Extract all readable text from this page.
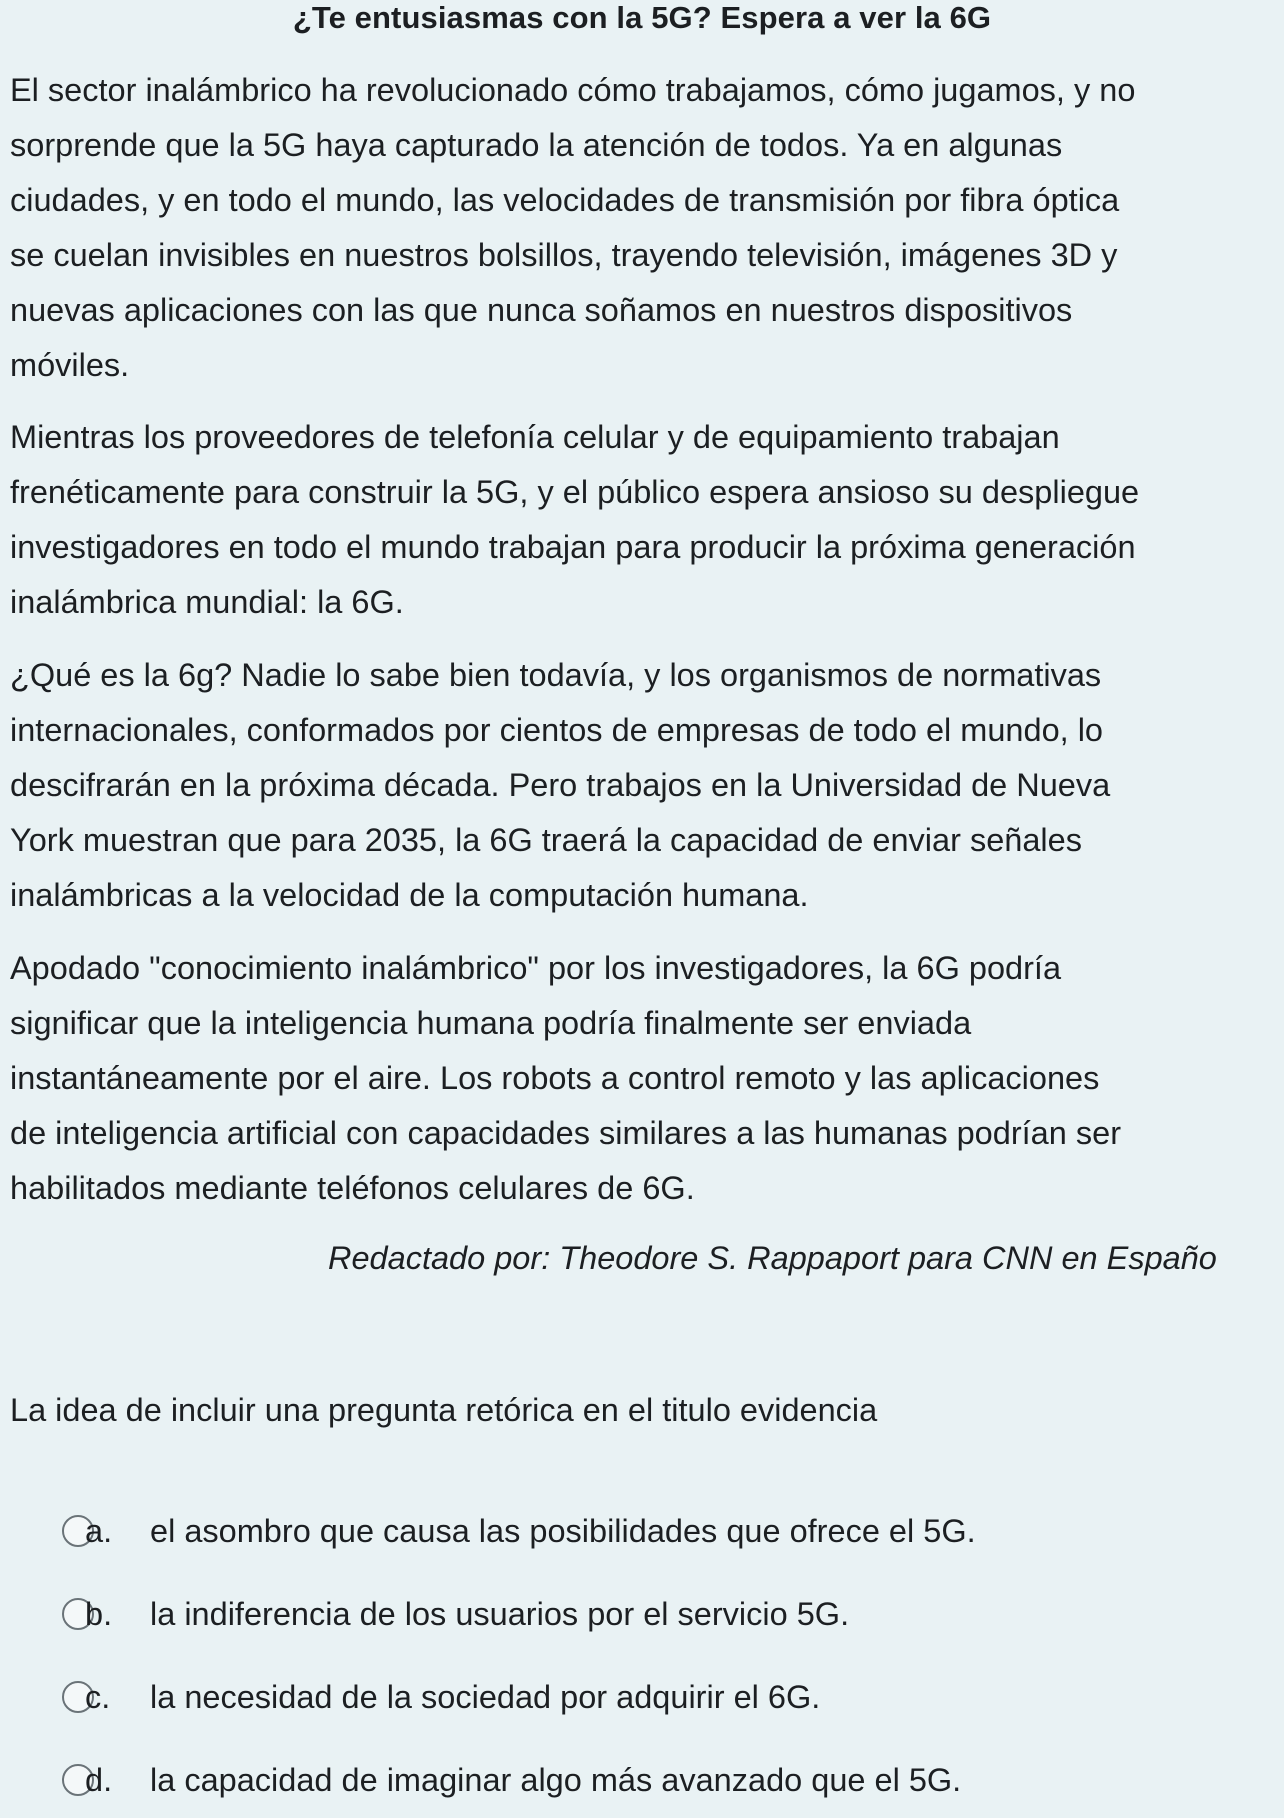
¿Te entusiasmas con la 5G? Espera a ver la 6G

El sector inalámbrico ha revolucionado cómo trabajamos, cómo jugamos, y no
sorprende que la 5G haya capturado la atención de todos. Ya en algunas
ciudades, y en todo el mundo, las velocidades de transmisión por fibra óptica
se cuelan invisibles en nuestros bolsillos, trayendo televisión, imágenes 3D y
nuevas aplicaciones con las que nunca soñamos en nuestros dispositivos
móviles.

Mientras los proveedores de telefonía celular y de equipamiento trabajan
frenéticamente para construir la 5G, y el público espera ansioso su despliegue
investigadores en todo el mundo trabajan para producir la próxima generación
inalámbrica mundial: la 6G.

¿Qué es la 6g? Nadie lo sabe bien todavía, y los organismos de normativas
internacionales, conformados por cientos de empresas de todo el mundo, lo
descifrarán en la próxima década. Pero trabajos en la Universidad de Nueva
York muestran que para 2035, la 6G traerá la capacidad de enviar señales
inalámbricas a la velocidad de la computación humana.

Apodado "conocimiento inalámbrico" por los investigadores, la 6G podría
significar que la inteligencia humana podría finalmente ser enviada
instantáneamente por el aire. Los robots a control remoto y las aplicaciones
de inteligencia artificial con capacidades similares a las humanas podrían ser
habilitados mediante teléfonos celulares de 6G.

Redactado por: Theodore S. Rappaport para CNN en Españo
La idea de incluir una pregunta retórica en el titulo evidencia
a. el asombro que causa las posibilidades que ofrece el 5G.
b. la indiferencia de los usuarios por el servicio 5G.
c. la necesidad de la sociedad por adquirir el 6G.
d. la capacidad de imaginar algo más avanzado que el 5G.
